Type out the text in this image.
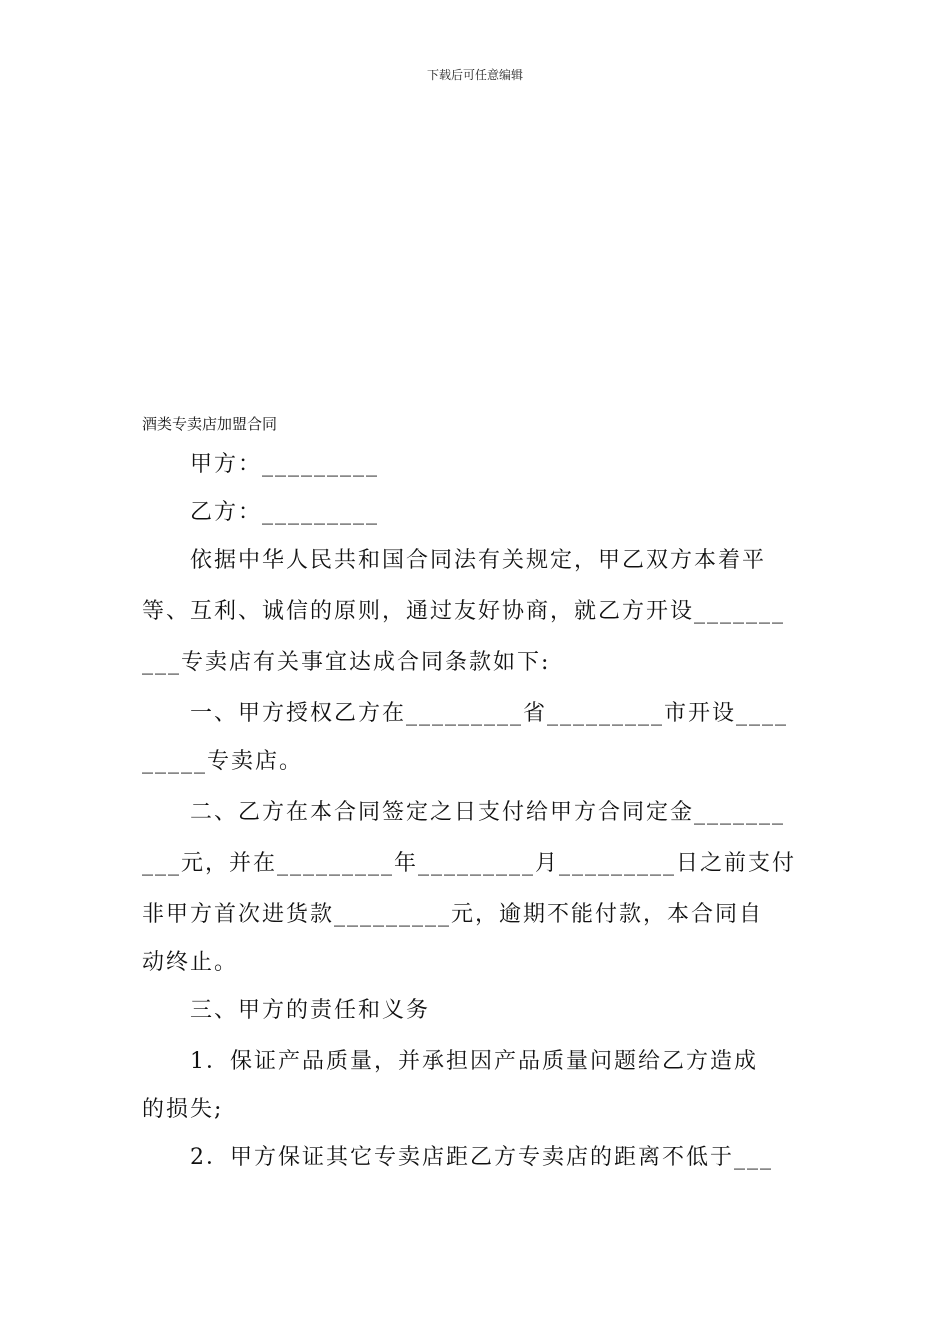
下载后可任意编辑
酒类专卖店加盟合同
　　甲方：_________
　　乙方：_________
　　依据中华人民共和国合同法有关规定，甲乙双方本着平
等、互利、诚信的原则，通过友好协商，就乙方开设_______
___专卖店有关事宜达成合同条款如下:
　　一、甲方授权乙方在_________省_________市开设____
_____专卖店。
　　二、乙方在本合同签定之日支付给甲方合同定金_______
___元，并在_________年_________月_________日之前支付
非甲方首次进货款_________元，逾期不能付款，本合同自
动终止。
　　三、甲方的责任和义务
　　1．保证产品质量，并承担因产品质量问题给乙方造成
的损失;
　　2．甲方保证其它专卖店距乙方专卖店的距离不低于___
